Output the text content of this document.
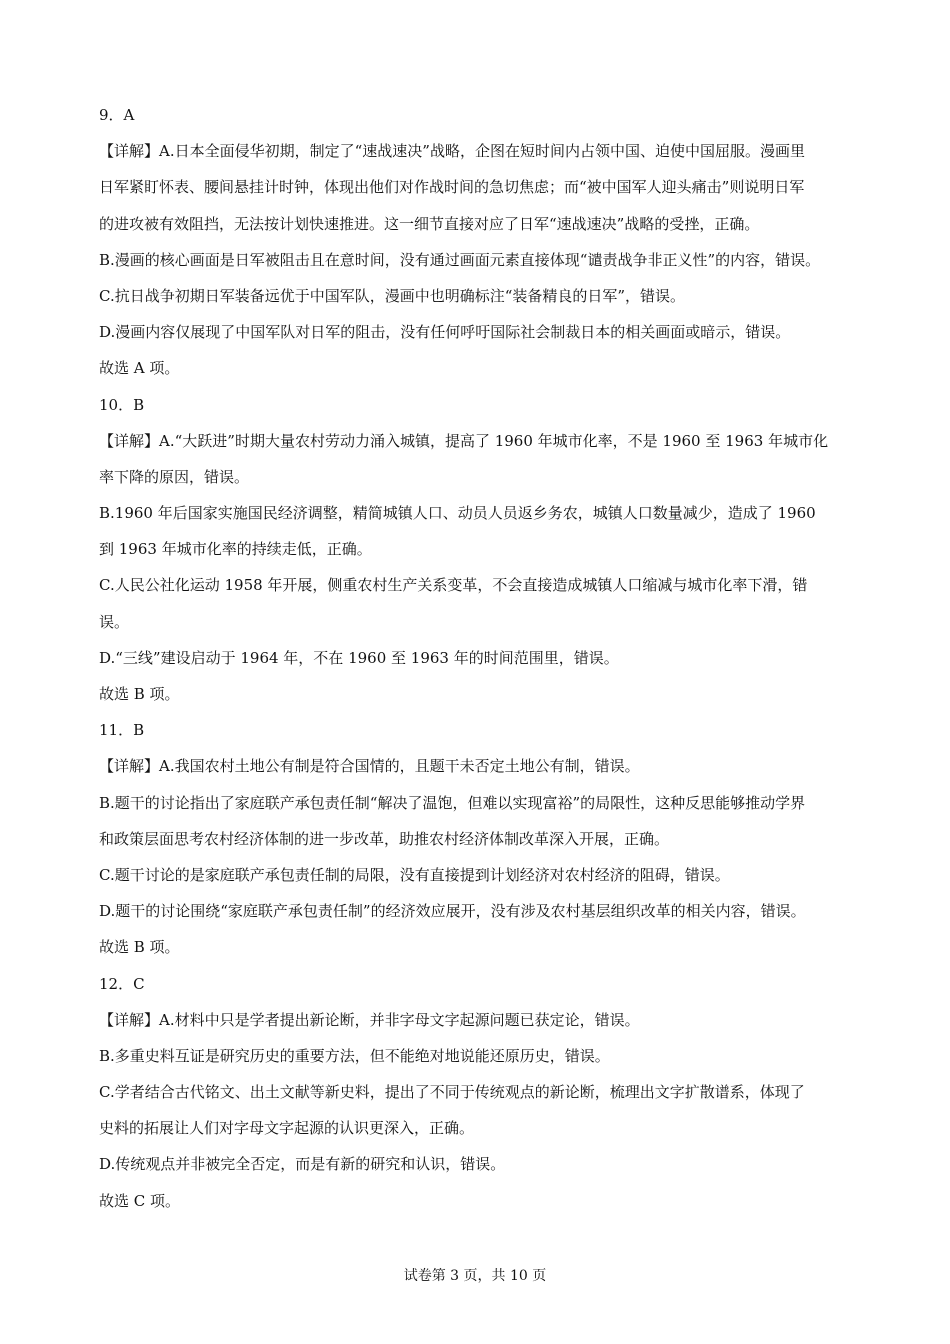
9．A
【详解】A.日本全面侵华初期，制定了“速战速决”战略，企图在短时间内占领中国、迫使中国屈服。漫画里
日军紧盯怀表、腰间悬挂计时钟，体现出他们对作战时间的急切焦虑；而“被中国军人迎头痛击”则说明日军
的进攻被有效阻挡，无法按计划快速推进。这一细节直接对应了日军“速战速决”战略的受挫，正确。
B.漫画的核心画面是日军被阻击且在意时间，没有通过画面元素直接体现“谴责战争非正义性”的内容，错误。
C.抗日战争初期日军装备远优于中国军队，漫画中也明确标注“装备精良的日军”，错误。
D.漫画内容仅展现了中国军队对日军的阻击，没有任何呼吁国际社会制裁日本的相关画面或暗示，错误。
故选 A 项。
10．B
【详解】A.“大跃进”时期大量农村劳动力涌入城镇，提高了 1960 年城市化率，不是 1960 至 1963 年城市化
率下降的原因，错误。
B.1960 年后国家实施国民经济调整，精简城镇人口、动员人员返乡务农，城镇人口数量减少，造成了 1960
到 1963 年城市化率的持续走低，正确。
C.人民公社化运动 1958 年开展，侧重农村生产关系变革，不会直接造成城镇人口缩减与城市化率下滑，错
误。
D.“三线”建设启动于 1964 年，不在 1960 至 1963 年的时间范围里，错误。
故选 B 项。
11．B
【详解】A.我国农村土地公有制是符合国情的，且题干未否定土地公有制，错误。
B.题干的讨论指出了家庭联产承包责任制“解决了温饱，但难以实现富裕”的局限性，这种反思能够推动学界
和政策层面思考农村经济体制的进一步改革，助推农村经济体制改革深入开展，正确。
C.题干讨论的是家庭联产承包责任制的局限，没有直接提到计划经济对农村经济的阻碍，错误。
D.题干的讨论围绕“家庭联产承包责任制”的经济效应展开，没有涉及农村基层组织改革的相关内容，错误。
故选 B 项。
12．C
【详解】A.材料中只是学者提出新论断，并非字母文字起源问题已获定论，错误。
B.多重史料互证是研究历史的重要方法，但不能绝对地说能还原历史，错误。
C.学者结合古代铭文、出土文献等新史料，提出了不同于传统观点的新论断，梳理出文字扩散谱系，体现了
史料的拓展让人们对字母文字起源的认识更深入，正确。
D.传统观点并非被完全否定，而是有新的研究和认识，错误。
故选 C 项。
试卷第 3 页，共 10 页
